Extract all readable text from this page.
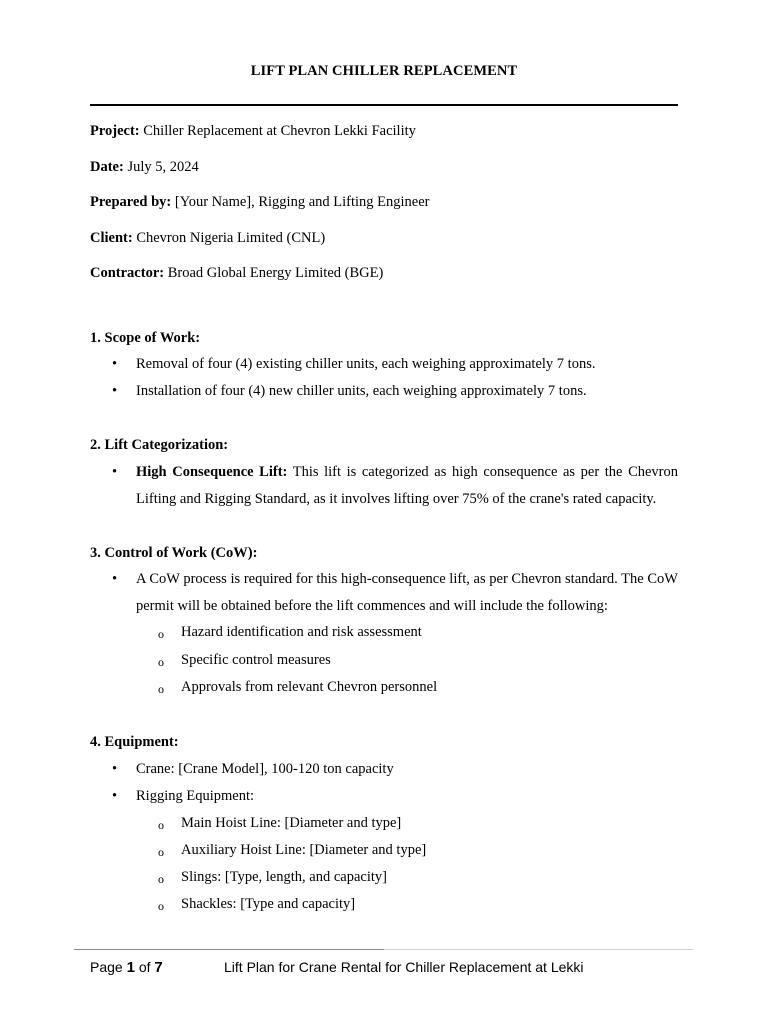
LIFT PLAN CHILLER REPLACEMENT
Project: Chiller Replacement at Chevron Lekki Facility
Date: July 5, 2024
Prepared by: [Your Name], Rigging and Lifting Engineer
Client: Chevron Nigeria Limited (CNL)
Contractor: Broad Global Energy Limited (BGE)
1. Scope of Work:
• Removal of four (4) existing chiller units, each weighing approximately 7 tons.
• Installation of four (4) new chiller units, each weighing approximately 7 tons.
2. Lift Categorization:
• High Consequence Lift: This lift is categorized as high consequence as per the Chevron Lifting and Rigging Standard, as it involves lifting over 75% of the crane's rated capacity.
3. Control of Work (CoW):
• A CoW process is required for this high-consequence lift, as per Chevron standard. The CoW permit will be obtained before the lift commences and will include the following:
o Hazard identification and risk assessment
o Specific control measures
o Approvals from relevant Chevron personnel
4. Equipment:
• Crane: [Crane Model], 100-120 ton capacity
• Rigging Equipment:
o Main Hoist Line: [Diameter and type]
o Auxiliary Hoist Line: [Diameter and type]
o Slings: [Type, length, and capacity]
o Shackles: [Type and capacity]
Page 1 of 7	Lift Plan for Crane Rental for Chiller Replacement at Lekki
